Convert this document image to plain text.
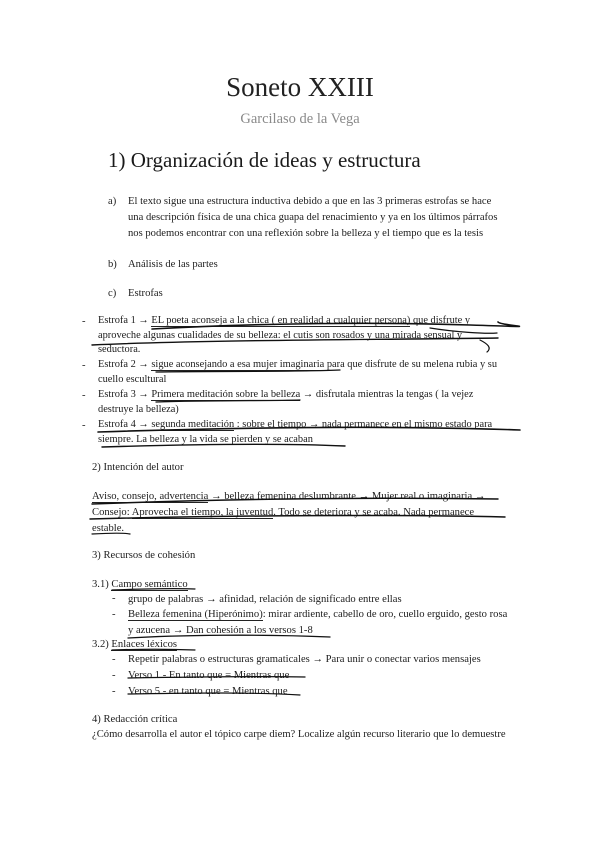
Soneto XXIII
Garcilaso de la Vega
1) Organización de ideas y estructura
a) El texto sigue una estructura inductiva debido a que en las 3 primeras estrofas se hace
una descripción física de una chica guapa del renacimiento y ya en los últimos párrafos
nos podemos encontrar con una reflexión sobre la belleza y el tiempo que es la tesis
b) Análisis de las partes
c) Estrofas
- Estrofa 1 → EL poeta aconseja a la chica ( en realidad a cualquier persona) que disfrute y
aproveche algunas cualidades de su belleza: el cutis son rosados y una mirada sensual y
seductora.
- Estrofa 2 → sigue aconsejando a esa mujer imaginaria para que disfrute de su melena rubia y su
cuello escultural
- Estrofa 3 → Primera meditación sobre la belleza → disfrutala mientras la tengas ( la vejez
destruye la belleza)
- Estrofa 4 → segunda meditación : sobre el tiempo → nada permanece en el mismo estado para
siempre. La belleza y la vida se pierden y se acaban
2) Intención del autor
Aviso, consejo, advertencia → belleza femenina deslumbrante → Mujer real o imaginaria →
Consejo: Aprovecha el tiempo, la juventud. Todo se deteriora y se acaba. Nada permanece
estable.
3) Recursos de cohesión
3.1) Campo semántico
- grupo de palabras → afinidad, relación de significado entre ellas
- Belleza femenina (Hiperónimo): mirar ardiente, cabello de oro, cuello erguido, gesto rosa
y azucena → Dan cohesión a los versos 1-8
3.2) Enlaces léxicos
- Repetir palabras o estructuras gramaticales → Para unir o conectar varios mensajes
- Verso 1 - En tanto que = Mientras que
- Verso 5 - en tanto que = Mientras que
4) Redacción crítica
¿Cómo desarrolla el autor el tópico carpe diem? Localize algún recurso literario que lo demuestre
